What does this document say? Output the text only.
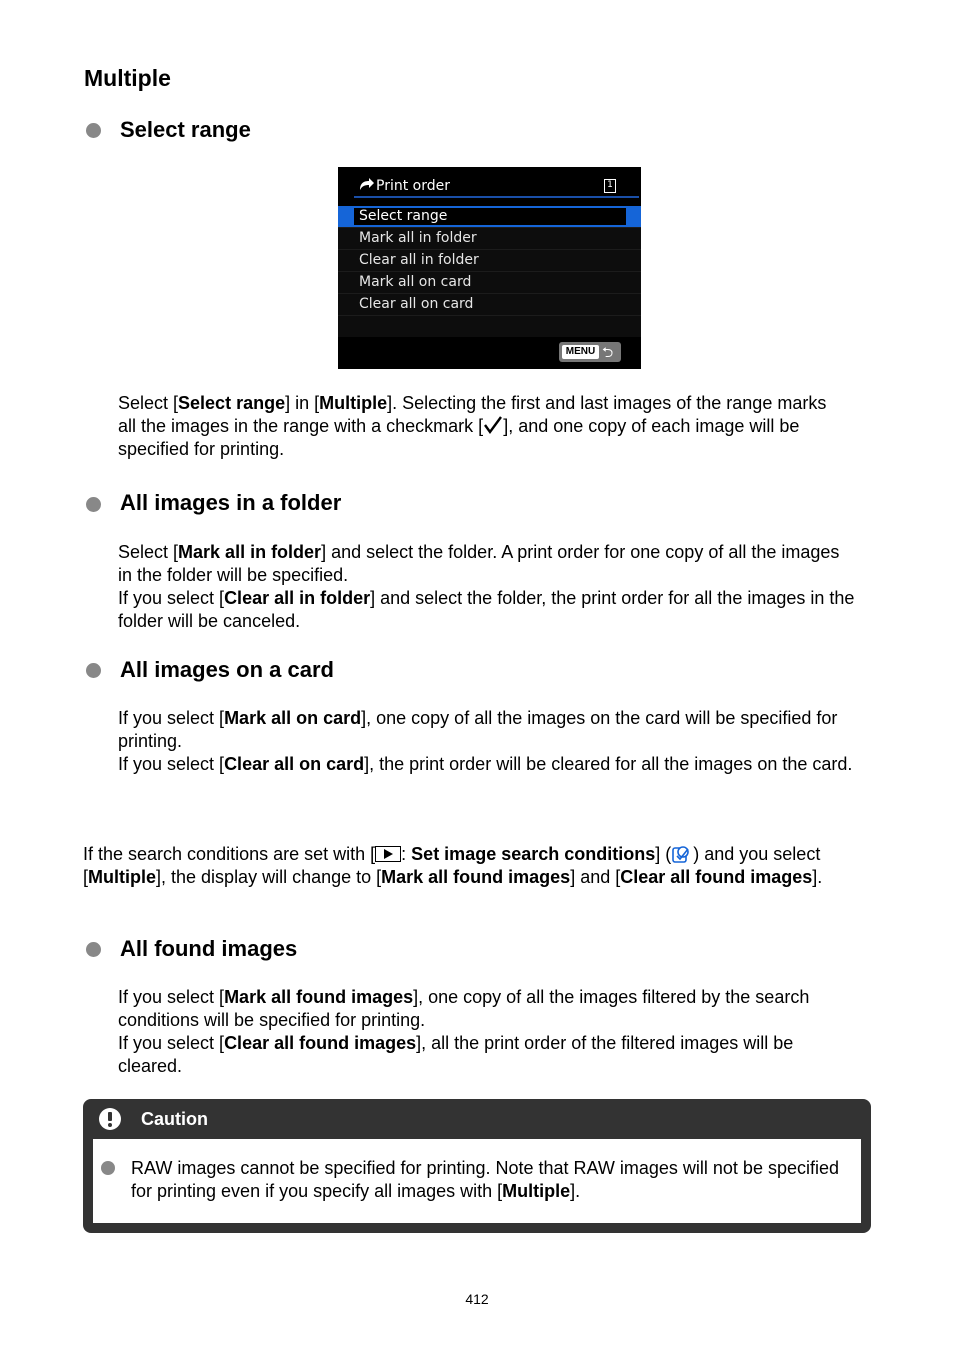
Multiple
Select range
Print order	1
Select range
Mark all in folder
Clear all in folder
Mark all on card
Clear all on card
MENU ⮌

Select [Select range] in [Multiple]. Selecting the first and last images of the range marks all the images in the range with a checkmark [ ], and one copy of each image will be specified for printing.

All images in a folder

Select [Mark all in folder] and select the folder. A print order for one copy of all the images in the folder will be specified.

If you select [Clear all in folder] and select the folder, the print order for all the images in the folder will be canceled.

All images on a card

If you select [Mark all on card], one copy of all the images on the card will be specified for printing.

If you select [Clear all on card], the print order will be cleared for all the images on the card.

If the search conditions are set with [ : Set image search conditions] ( ) and you select [Multiple], the display will change to [Mark all found images] and [Clear all found images].

All found images

If you select [Mark all found images], one copy of all the images filtered by the search conditions will be specified for printing.

If you select [Clear all found images], all the print order of the filtered images will be cleared.

Caution

RAW images cannot be specified for printing. Note that RAW images will not be specified for printing even if you specify all images with [Multiple].

412
